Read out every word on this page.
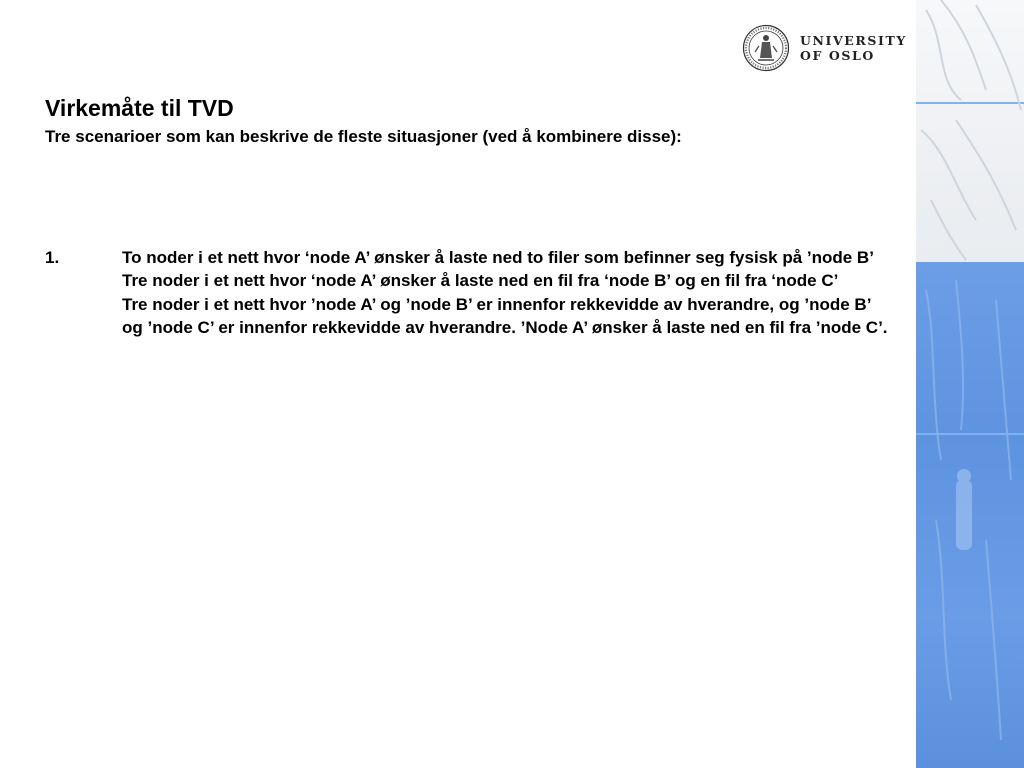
UNIVERSITY
OF OSLO
Virkemåte til TVD
Tre scenarioer som kan beskrive de fleste situasjoner (ved å kombinere disse):
1.	To noder i et nett hvor ‘node A’ ønsker å laste ned to filer som befinner seg fysisk på ’node B’
Tre noder i et nett hvor ‘node A’ ønsker å laste ned en fil fra ‘node B’ og en fil fra ‘node C’
Tre noder i et nett hvor ’node A’ og ’node B’ er innenfor rekkevidde av hverandre, og ’node B’ og ’node C’ er innenfor rekkevidde av hverandre. ’Node A’ ønsker å laste ned en fil fra ’node C’.
